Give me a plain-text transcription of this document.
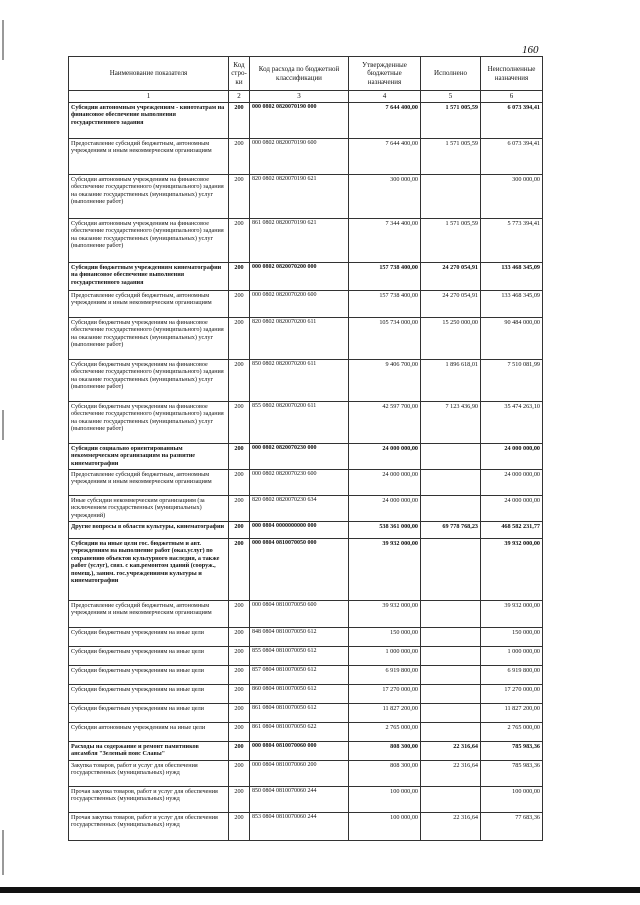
160
Наименование показателя	Код стро-ки	Код расхода по бюджетной классификации	Утвержденные бюджетные назначения	Исполнено	Неисполненные назначения
1	2	3	4	5	6
Субсидии автономным учреждениям - кинотеатрам на финансовое обеспечение выполнения государственного задания	200	000 0802 0820070190 000	7 644 400,00	1 571 005,59	6 073 394,41
Предоставление субсидий бюджетным, автономным учреждениям и иным некоммерческим организациям	200	000 0802 0820070190 600	7 644 400,00	1 571 005,59	6 073 394,41
Субсидии автономным учреждениям на финансовое обеспечение государственного (муниципального) задания на оказание государственных (муниципальных) услуг (выполнение работ)	200	820 0802 0820070190 621	300 000,00		300 000,00
Субсидии автономным учреждениям на финансовое обеспечение государственного (муниципального) задания на оказание государственных (муниципальных) услуг (выполнение работ)	200	861 0802 0820070190 621	7 344 400,00	1 571 005,59	5 773 394,41
Субсидии бюджетным учреждениям кинематографии на финансовое обеспечение выполнения государственного задания	200	000 0802 0820070200 000	157 738 400,00	24 270 054,91	133 468 345,09
Предоставление субсидий бюджетным, автономным учреждениям и иным некоммерческим организациям	200	000 0802 0820070200 600	157 738 400,00	24 270 054,91	133 468 345,09
Субсидии бюджетным учреждениям на финансовое обеспечение государственного (муниципального) задания на оказание государственных (муниципальных) услуг (выполнение работ)	200	820 0802 0820070200 611	105 734 000,00	15 250 000,00	90 484 000,00
Субсидии бюджетным учреждениям на финансовое обеспечение государственного (муниципального) задания на оказание государственных (муниципальных) услуг (выполнение работ)	200	850 0802 0820070200 611	9 406 700,00	1 896 618,01	7 510 081,99
Субсидии бюджетным учреждениям на финансовое обеспечение государственного (муниципального) задания на оказание государственных (муниципальных) услуг (выполнение работ)	200	855 0802 0820070200 611	42 597 700,00	7 123 436,90	35 474 263,10
Субсидии социально ориентированным некоммерческим организациям на развитие кинематографии	200	000 0802 0820070230 000	24 000 000,00		24 000 000,00
Предоставление субсидий бюджетным, автономным учреждениям и иным некоммерческим организациям	200	000 0802 0820070230 600	24 000 000,00		24 000 000,00
Иные субсидии некоммерческим организациям (за исключением государственных (муниципальных) учреждений)	200	820 0802 0820070230 634	24 000 000,00		24 000 000,00
Другие вопросы в области культуры, кинематографии	200	000 0804 0000000000 000	538 361 000,00	69 778 768,23	468 582 231,77
Субсидии на иные цели гос. бюджетным и авт. учреждениям на выполнение работ (оказ.услуг) по сохранению объектов культурного наследия, а также работ (услуг), связ. с кап.ремонтом зданий (сооруж., помещ.), заним. гос.учреждениями культуры и кинематографии	200	000 0804 0810070050 000	39 932 000,00		39 932 000,00
Предоставление субсидий бюджетным, автономным учреждениям и иным некоммерческим организациям	200	000 0804 0810070050 600	39 932 000,00		39 932 000,00
Субсидии бюджетным учреждениям на иные цели	200	848 0804 0810070050 612	150 000,00		150 000,00
Субсидии бюджетным учреждениям на иные цели	200	855 0804 0810070050 612	1 000 000,00		1 000 000,00
Субсидии бюджетным учреждениям на иные цели	200	857 0804 0810070050 612	6 919 800,00		6 919 800,00
Субсидии бюджетным учреждениям на иные цели	200	860 0804 0810070050 612	17 270 000,00		17 270 000,00
Субсидии бюджетным учреждениям на иные цели	200	861 0804 0810070050 612	11 827 200,00		11 827 200,00
Субсидии автономным учреждениям на иные цели	200	861 0804 0810070050 622	2 765 000,00		2 765 000,00
Расходы на содержание и ремонт памятников ансамбля "Зеленый пояс Славы"	200	000 0804 0810070060 000	808 300,00	22 316,64	785 983,36
Закупка товаров, работ и услуг для обеспечения государственных (муниципальных) нужд	200	000 0804 0810070060 200	808 300,00	22 316,64	785 983,36
Прочая закупка товаров, работ и услуг для обеспечения государственных (муниципальных) нужд	200	850 0804 0810070060 244	100 000,00		100 000,00
Прочая закупка товаров, работ и услуг для обеспечения государственных (муниципальных) нужд	200	853 0804 0810070060 244	100 000,00	22 316,64	77 683,36
